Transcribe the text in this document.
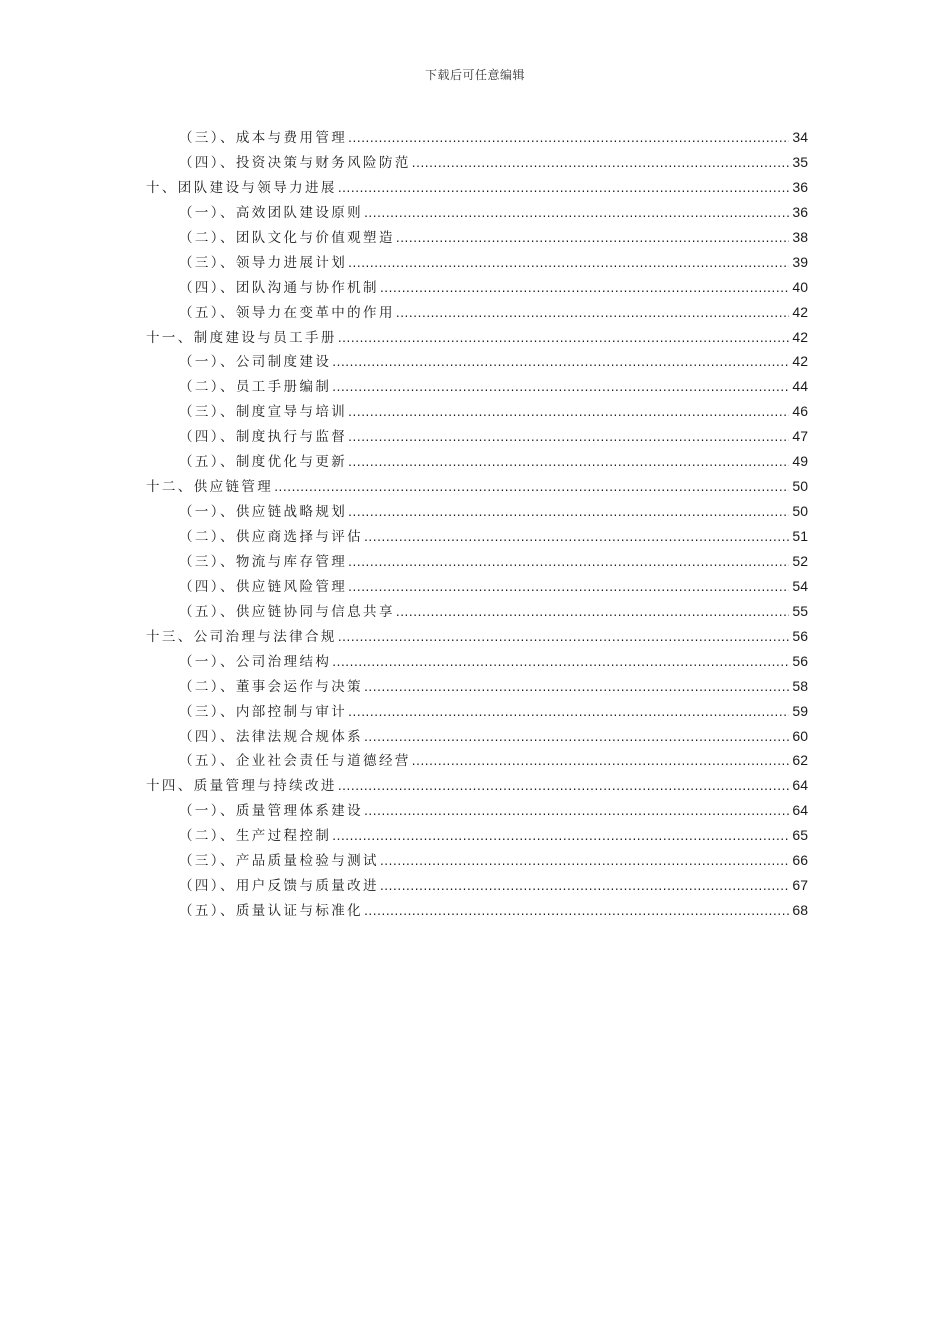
下载后可任意编辑
（三）、成本与费用管理 .....	34
（四）、投资决策与财务风险防范 .....	35
十、团队建设与领导力进展 .....	36
（一）、高效团队建设原则 .....	36
（二）、团队文化与价值观塑造 .....	38
（三）、领导力进展计划 .....	39
（四）、团队沟通与协作机制 .....	40
（五）、领导力在变革中的作用 .....	42
十一、制度建设与员工手册 .....	42
（一）、公司制度建设 .....	42
（二）、员工手册编制 .....	44
（三）、制度宣导与培训 .....	46
（四）、制度执行与监督 .....	47
（五）、制度优化与更新 .....	49
十二、供应链管理 .....	50
（一）、供应链战略规划 .....	50
（二）、供应商选择与评估 .....	51
（三）、物流与库存管理 .....	52
（四）、供应链风险管理 .....	54
（五）、供应链协同与信息共享 .....	55
十三、公司治理与法律合规 .....	56
（一）、公司治理结构 .....	56
（二）、董事会运作与决策 .....	58
（三）、内部控制与审计 .....	59
（四）、法律法规合规体系 .....	60
（五）、企业社会责任与道德经营 .....	62
十四、质量管理与持续改进 .....	64
（一）、质量管理体系建设 .....	64
（二）、生产过程控制 .....	65
（三）、产品质量检验与测试 .....	66
（四）、用户反馈与质量改进 .....	67
（五）、质量认证与标准化 .....	68
